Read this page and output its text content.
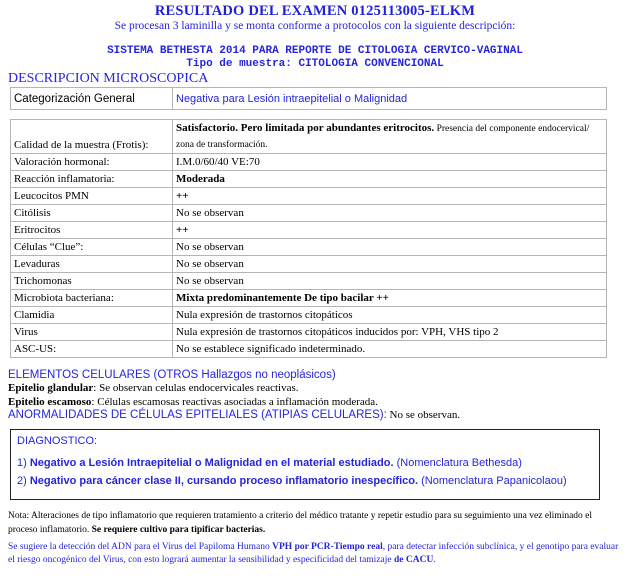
RESULTADO DEL EXAMEN 0125113005-ELKM
Se procesan 3 laminilla y se monta conforme a protocolos con la siguiente descripción:
SISTEMA BETHESTA 2014 PARA REPORTE DE CITOLOGIA CERVICO-VAGINAL
Tipo de muestra: CITOLOGIA CONVENCIONAL
DESCRIPCION MICROSCOPICA
Categorización General	Negativa para Lesión intraepitelial o Malignidad
Calidad de la muestra (Frotis):	Satisfactorio. Pero limitada por abundantes eritrocitos. Presencia del componente endocervical/ zona de transformación.
Valoración hormonal:	I.M.0/60/40 VE:70
Reacción inflamatoria:	Moderada
Leucocitos PMN	++
Citólisis	No se observan
Eritrocitos	++
Células “Clue”:	No se observan
Levaduras	No se observan
Trichomonas	No se observan
Microbiota bacteriana:	Mixta predominantemente De tipo bacilar ++
Clamidia	Nula expresión de trastornos citopáticos
Virus	Nula expresión de trastornos citopáticos inducidos por: VPH, VHS tipo 2
ASC-US:	No se establece significado indeterminado.
ELEMENTOS CELULARES (OTROS Hallazgos no neoplásicos)
Epitelio glandular: Se observan celulas endocervicales reactivas.
Epitelio escamoso: Células escamosas reactivas asociadas a inflamación moderada.
ANORMALIDADES DE CÉLULAS EPITELIALES (ATIPIAS CELULARES): No se observan.
DIAGNOSTICO:
1) Negativo a Lesión Intraepitelial o Malignidad en el material estudiado. (Nomenclatura Bethesda)
2) Negativo para cáncer clase II, cursando proceso inflamatorio inespecífico. (Nomenclatura Papanicolaou)
Nota: Alteraciones de tipo inflamatorio que requieren tratamiento a criterio del médico tratante y repetir estudio para su seguimiento una vez eliminado el proceso inflamatorio. Se requiere cultivo para tipificar bacterias.
Se sugiere la detección del ADN para el Virus del Papiloma Humano VPH por PCR-Tiempo real, para detectar infección subclínica, y el genotipo para evaluar el riesgo oncogénico del Virus, con esto logrará aumentar la sensibilidad y especificidad del tamizaje de CACU.
